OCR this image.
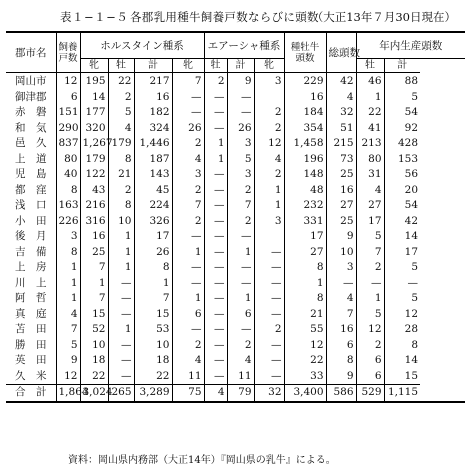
表１−１−５ 各郡乳用種牛飼養戸数ならびに頭数
（大正13年７月30日現在）
郡市名	飼養戸数	ホルスタイン種系				エアーシャ種系			種牡牛頭数	総頭数	年内生産頭数	
		牝	牡	計	牝	牡	計	牝			牡	計
岡山市	12	195	22	217	7	2	9	3	229	42	46	88
御津郡	6	14	2	16	—	—	—		16	4	1	5
赤　磐	151	177	5	182	—	—	—	2	184	32	22	54
和　気	290	320	4	324	26	—	26	2	354	51	41	92
邑　久	837	1,267	179	1,446	2	1	3	12	1,458	215	213	428
上　道	80	179	8	187	4	1	5	4	196	73	80	153
児　島	40	122	21	143	3	—	3	2	148	25	31	56
都　窪	8	43	2	45	2	—	2	1	48	16	4	20
浅　口	163	216	8	224	7	—	7	1	232	27	27	54
小　田	226	316	10	326	2	—	2	3	331	25	17	42
後　月	3	16	1	17	—	—	—		17	9	5	14
吉　備	8	25	1	26	1	—	1	—	27	10	7	17
上　房	1	7	1	8	—	—	—	—	8	3	2	5
川　上	1	1	—	1	—	—	—	—	1	—	—	—
阿　哲	1	7	—	7	1	—	1	—	8	4	1	5
真　庭	4	15	—	15	6	—	6	—	21	7	5	12
苫　田	7	52	1	53	—	—	—	2	55	16	12	28
勝　田	5	10	—	10	2	—	2	—	12	6	2	8
英　田	9	18	—	18	4	—	4	—	22	8	6	14
久　米	12	22	—	22	11	—	11	—	33	9	6	15
合　計	1,864	3,024	265	3,289	75	4	79	32	3,400	586	529	1,115
資料：岡山県内務部（大正14年）『岡山県の乳牛』による。
